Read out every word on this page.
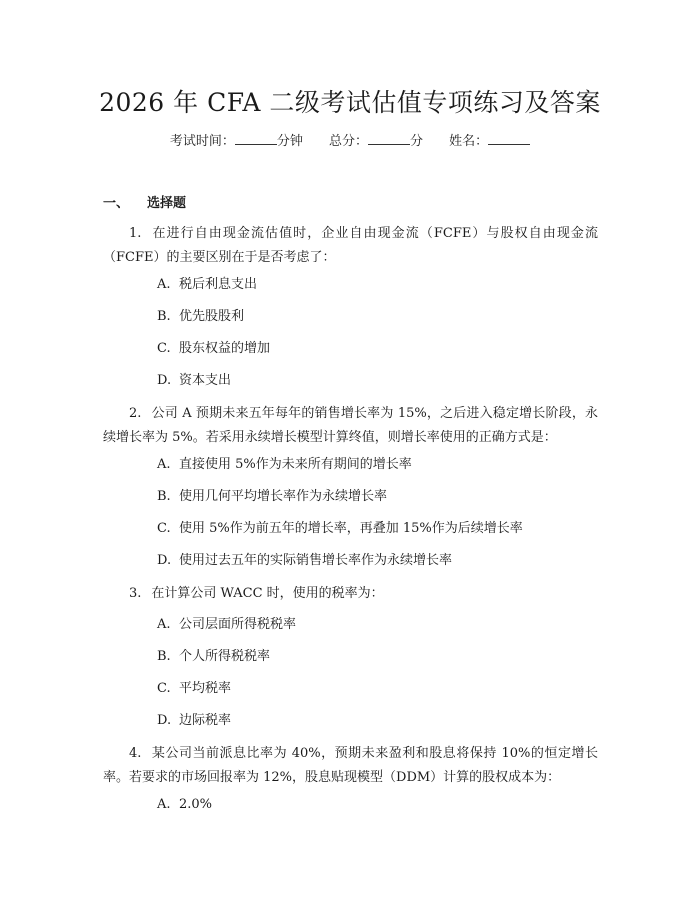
2026 年 CFA 二级考试估值专项练习及答案
考试时间：	分钟 总分：	分 姓名：
一、 选择题
1. 在进行自由现金流估值时，企业自由现金流（FCFE）与股权自由现金流（FCFE）的主要区别在于是否考虑了：
A. 税后利息支出
B. 优先股股利
C. 股东权益的增加
D. 资本支出
2. 公司 A 预期未来五年每年的销售增长率为 15%，之后进入稳定增长阶段，永续增长率为 5%。若采用永续增长模型计算终值，则增长率使用的正确方式是：
A. 直接使用 5%作为未来所有期间的增长率
B. 使用几何平均增长率作为永续增长率
C. 使用 5%作为前五年的增长率，再叠加 15%作为后续增长率
D. 使用过去五年的实际销售增长率作为永续增长率
3. 在计算公司 WACC 时，使用的税率为：
A. 公司层面所得税税率
B. 个人所得税税率
C. 平均税率
D. 边际税率
4. 某公司当前派息比率为 40%，预期未来盈利和股息将保持 10%的恒定增长率。若要求的市场回报率为 12%，股息贴现模型（DDM）计算的股权成本为：
A. 2.0%
